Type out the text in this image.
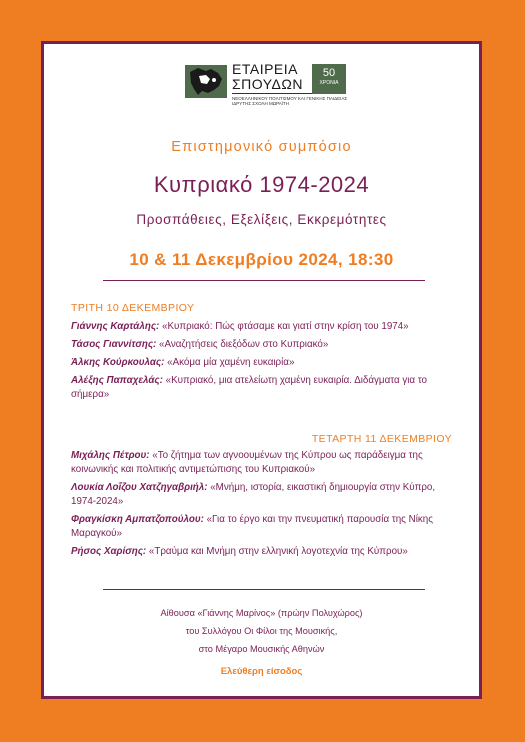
ΕΤΑΙΡΕΙΑ
ΣΠΟΥΔΩΝ
ΝΕΟΕΛΛΗΝΙΚΟΥ ΠΟΛΙΤΙΣΜΟΥ ΚΑΙ ΓΕΝΙΚΗΣ ΠΑΙΔΕΙΑΣ
ΙΔΡΥΤΗΣ ΣΧΟΛΗ ΜΩΡΑΪΤΗ
50
ΧΡΟΝΙΑ
Επιστημονικό συμπόσιο
Κυπριακό 1974-2024
Προσπάθειες, Εξελίξεις, Εκκρεμότητες
10 & 11 Δεκεμβρίου 2024, 18:30
ΤΡΙΤΗ 10 ΔΕΚΕΜΒΡΙΟΥ
Γιάννης Καρτάλης: «Κυπριακό: Πώς φτάσαμε και γιατί στην κρίση του 1974»
Τάσος Γιαννίτσης: «Αναζητήσεις διεξόδων στο Κυπριακό»
Άλκης Κούρκουλας: «Ακόμα μία χαμένη ευκαιρία»
Αλέξης Παπαχελάς: «Κυπριακό, μια ατελείωτη χαμένη ευκαιρία. Διδάγματα για το σήμερα»
ΤΕΤΑΡΤΗ 11 ΔΕΚΕΜΒΡΙΟΥ
Μιχάλης Πέτρου: «Το ζήτημα των αγνοουμένων της Κύπρου ως παράδειγμα της κοινωνικής και πολιτικής αντιμετώπισης του Κυπριακού»
Λουκία Λοΐζου Χατζηγαβριήλ: «Μνήμη, ιστορία, εικαστική δημιουργία στην Κύπρο, 1974-2024»
Φραγκίσκη Αμπατζοπούλου: «Για το έργο και την πνευματική παρουσία της Νίκης Μαραγκού»
Ρήσος Χαρίσης: «Τραύμα και Μνήμη στην ελληνική λογοτεχνία της Κύπρου»
Αίθουσα «Γιάννης Μαρίνος» (πρώην Πολυχώρος)
του Συλλόγου Οι Φίλοι της Μουσικής,
στο Μέγαρο Μουσικής Αθηνών
Ελεύθερη είσοδος
